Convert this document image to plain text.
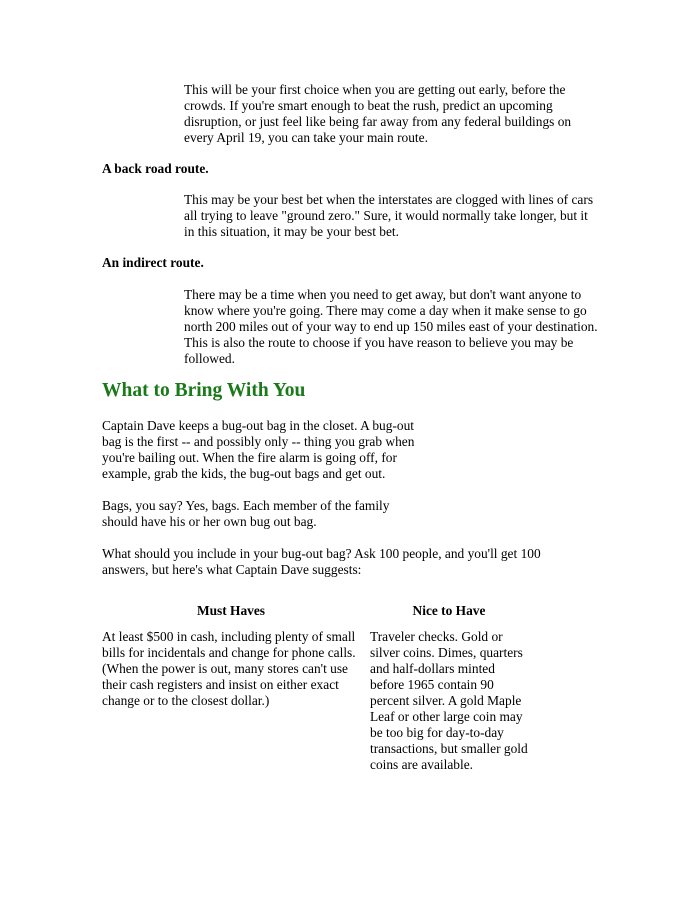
This will be your first choice when you are getting out early, before the crowds. If you're smart enough to beat the rush, predict an upcoming disruption, or just feel like being far away from any federal buildings on every April 19, you can take your main route.

A back road route.

This may be your best bet when the interstates are clogged with lines of cars all trying to leave "ground zero." Sure, it would normally take longer, but it in this situation, it may be your best bet.

An indirect route.

There may be a time when you need to get away, but don't want anyone to know where you're going. There may come a day when it make sense to go north 200 miles out of your way to end up 150 miles east of your destination. This is also the route to choose if you have reason to believe you may be followed.

What to Bring With You

Captain Dave keeps a bug-out bag in the closet. A bug-out bag is the first -- and possibly only -- thing you grab when you're bailing out. When the fire alarm is going off, for example, grab the kids, the bug-out bags and get out.

Bags, you say? Yes, bags. Each member of the family should have his or her own bug out bag.

What should you include in your bug-out bag? Ask 100 people, and you'll get 100 answers, but here's what Captain Dave suggests:

Must Haves	Nice to Have

At least $500 in cash, including plenty of small bills for incidentals and change for phone calls. (When the power is out, many stores can't use their cash registers and insist on either exact change or to the closest dollar.)

Traveler checks. Gold or silver coins. Dimes, quarters and half-dollars minted before 1965 contain 90 percent silver. A gold Maple Leaf or other large coin may be too big for day-to-day transactions, but smaller gold coins are available.
